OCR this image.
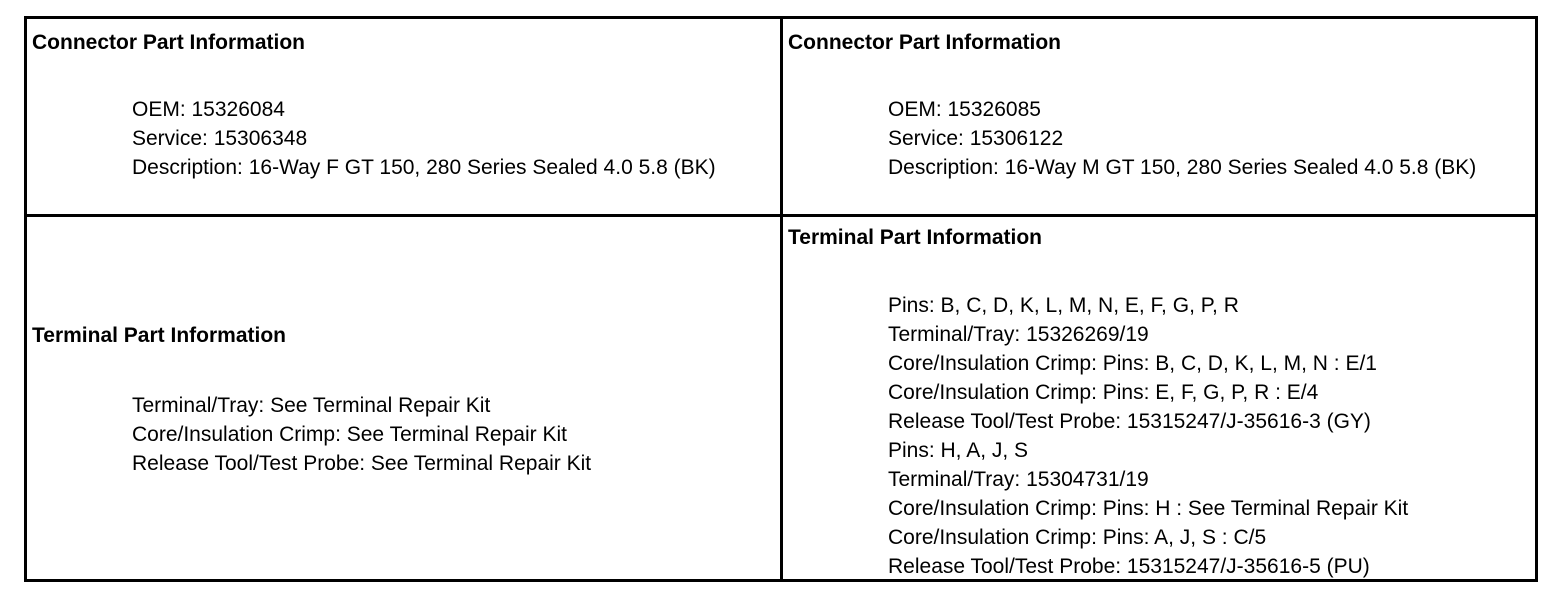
Connector Part Information
OEM: 15326084
Service: 15306348
Description: 16-Way F GT 150, 280 Series Sealed 4.0 5.8 (BK)
Connector Part Information
OEM: 15326085
Service: 15306122
Description: 16-Way M GT 150, 280 Series Sealed 4.0 5.8 (BK)
Terminal Part Information
Terminal/Tray: See Terminal Repair Kit
Core/Insulation Crimp: See Terminal Repair Kit
Release Tool/Test Probe: See Terminal Repair Kit
Terminal Part Information
Pins: B, C, D, K, L, M, N, E, F, G, P, R
Terminal/Tray: 15326269/19
Core/Insulation Crimp: Pins: B, C, D, K, L, M, N : E/1
Core/Insulation Crimp: Pins: E, F, G, P, R : E/4
Release Tool/Test Probe: 15315247/J-35616-3 (GY)
Pins: H, A, J, S
Terminal/Tray: 15304731/19
Core/Insulation Crimp: Pins: H : See Terminal Repair Kit
Core/Insulation Crimp: Pins: A, J, S : C/5
Release Tool/Test Probe: 15315247/J-35616-5 (PU)
